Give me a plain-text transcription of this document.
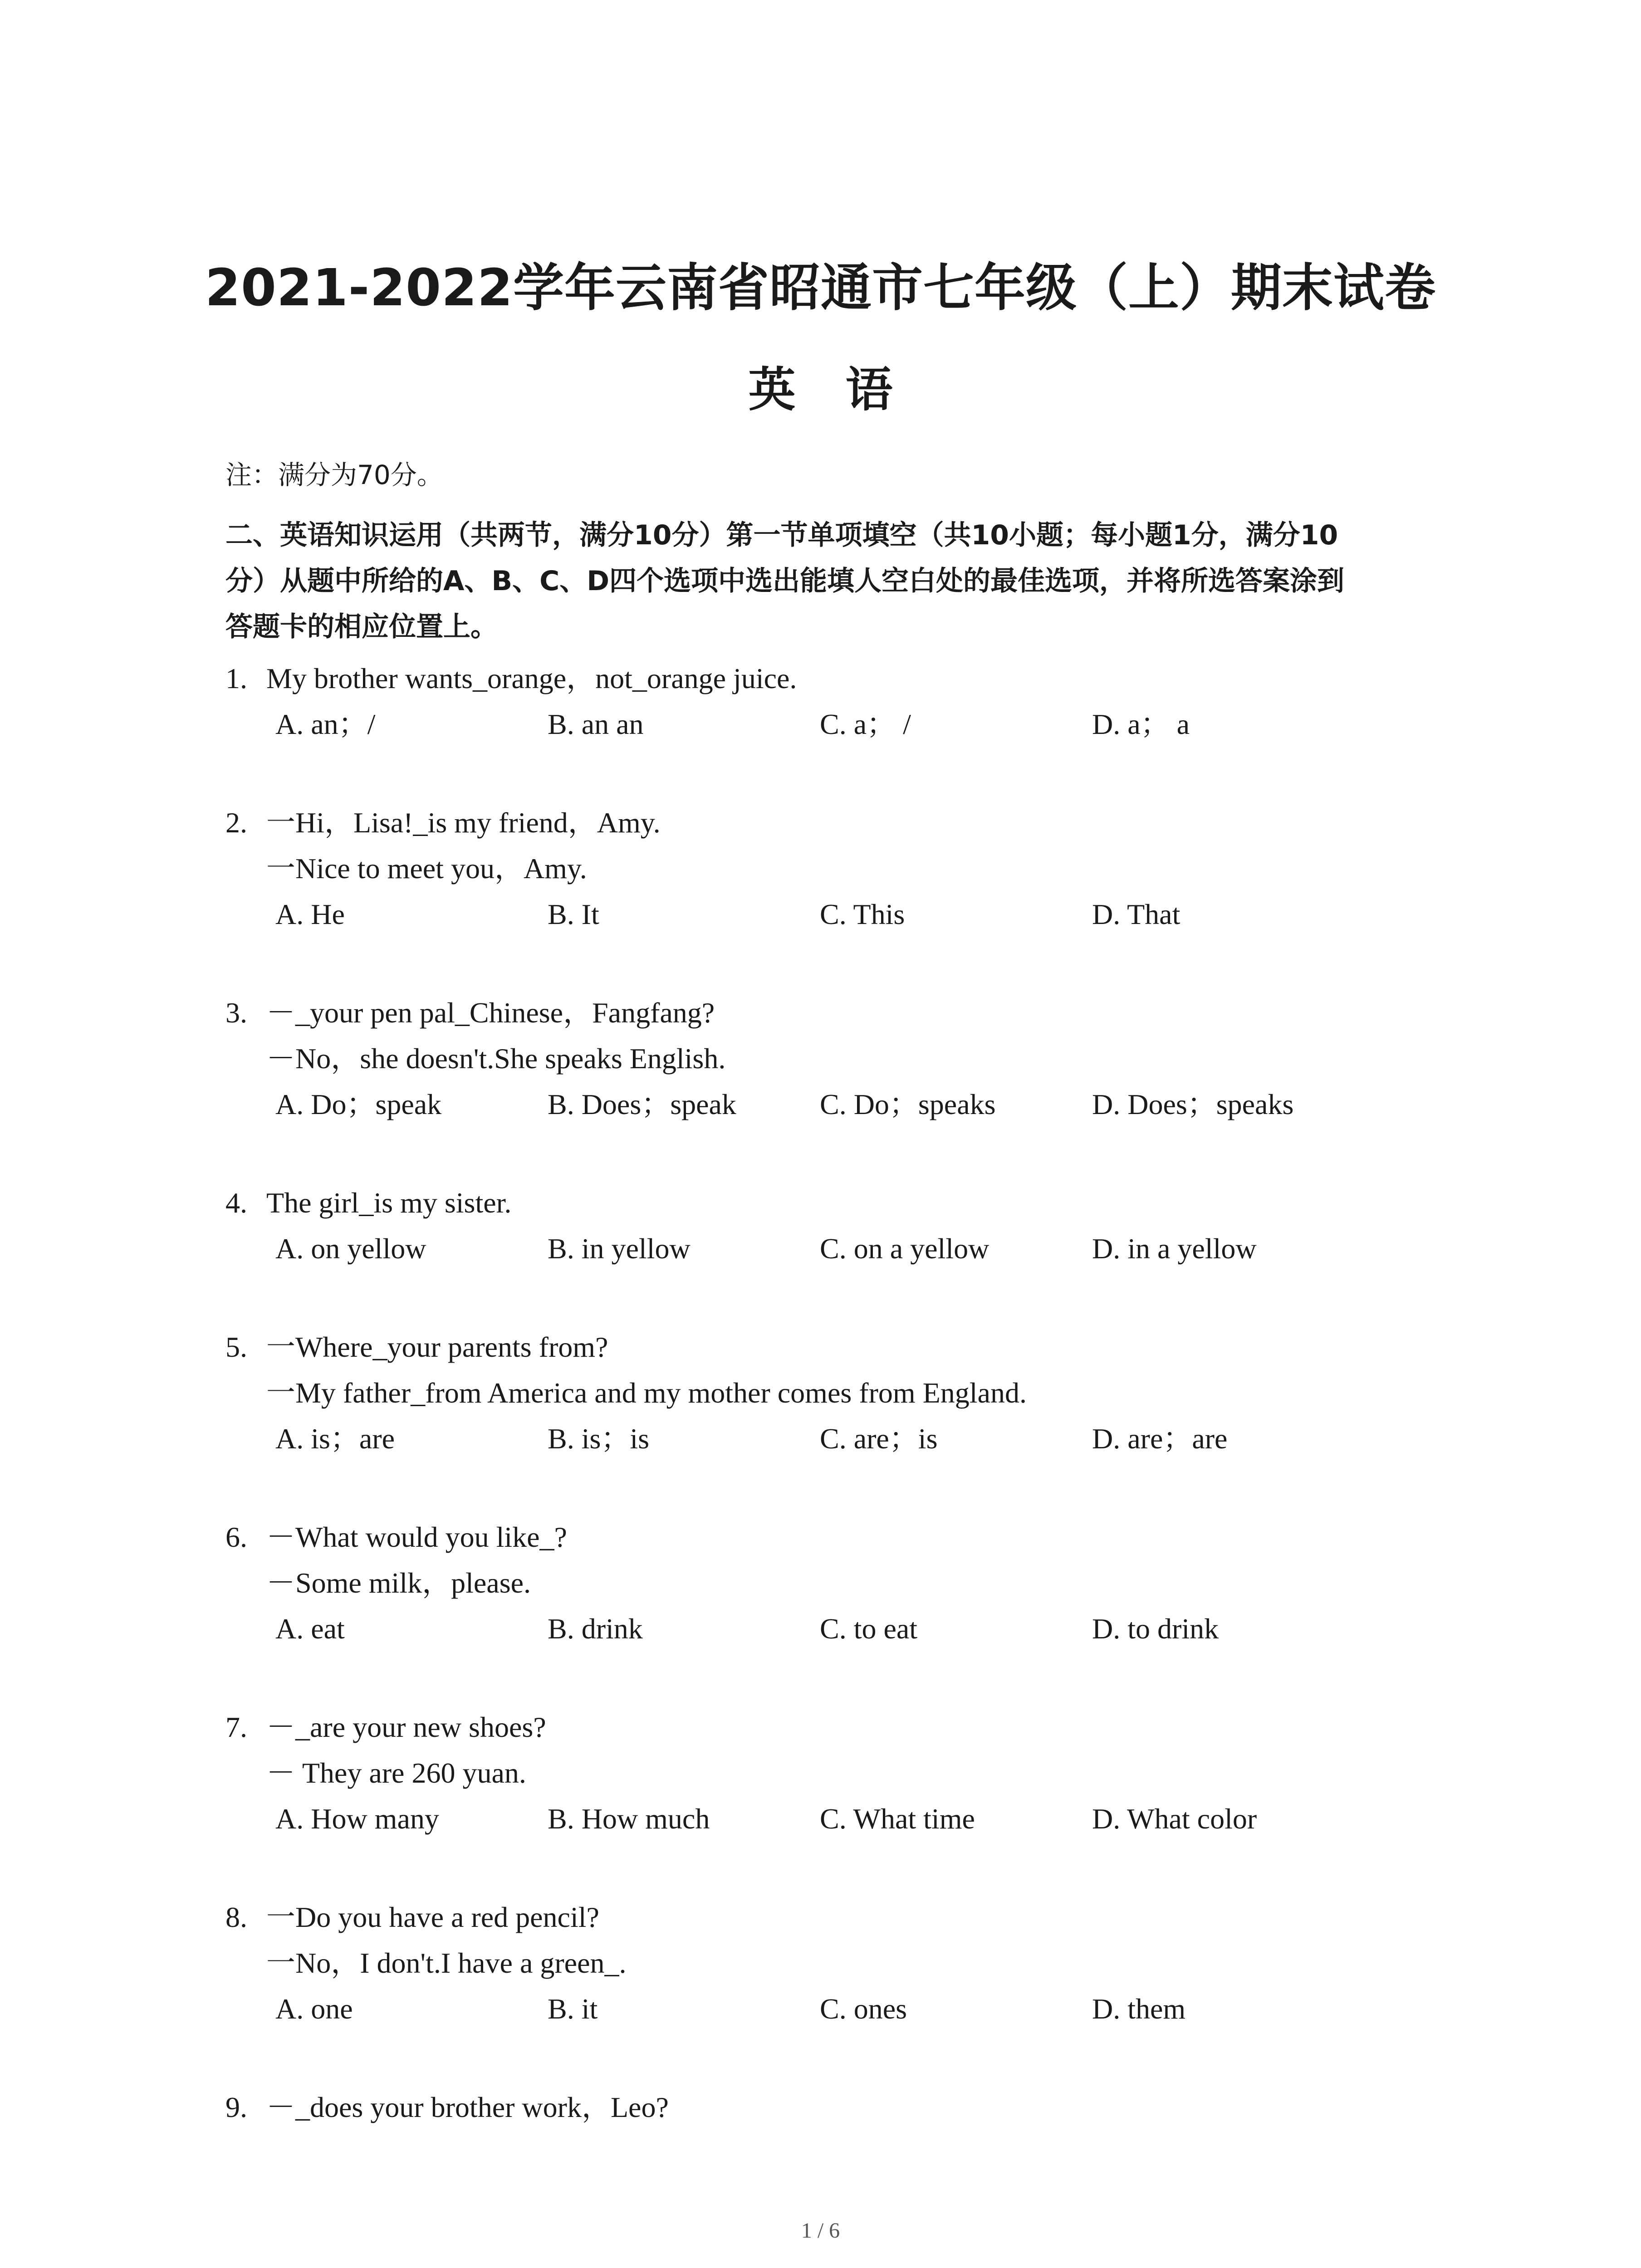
2021-2022学年云南省昭通市七年级（上）期末试卷
英语
注：满分为70分。
二、英语知识运用（共两节，满分10分）第一节单项填空（共10小题；每小题1分，满分10
分）从题中所给的A、B、C、D四个选项中选出能填人空白处的最佳选项，并将所选答案涂到
答题卡的相应位置上。
1. My brother wants_orange，not_orange juice.
A. an；/	B. an an	C. a； /	D. a； a
2. 一Hi，Lisa!_is my friend，Amy.
一Nice to meet you，Amy.
A. He	B. It	C. This	D. That
3. －_your pen pal_Chinese，Fangfang?
－No，she doesn't.She speaks English.
A. Do；speak	B. Does；speak	C. Do；speaks	D. Does；speaks
4. The girl_is my sister.
A. on yellow	B. in yellow	C. on a yellow	D. in a yellow
5. 一Where_your parents from?
一My father_from America and my mother comes from England.
A. is；are	B. is；is	C. are；is	D. are；are
6. －What would you like_?
－Some milk，please.
A. eat	B. drink	C. to eat	D. to drink
7. －_are your new shoes?
－ They are 260 yuan.
A. How many	B. How much	C. What time	D. What color
8. 一Do you have a red pencil?
一No，I don't.I have a green_.
A. one	B. it	C. ones	D. them
9. －_does your brother work，Leo?
1 / 6
